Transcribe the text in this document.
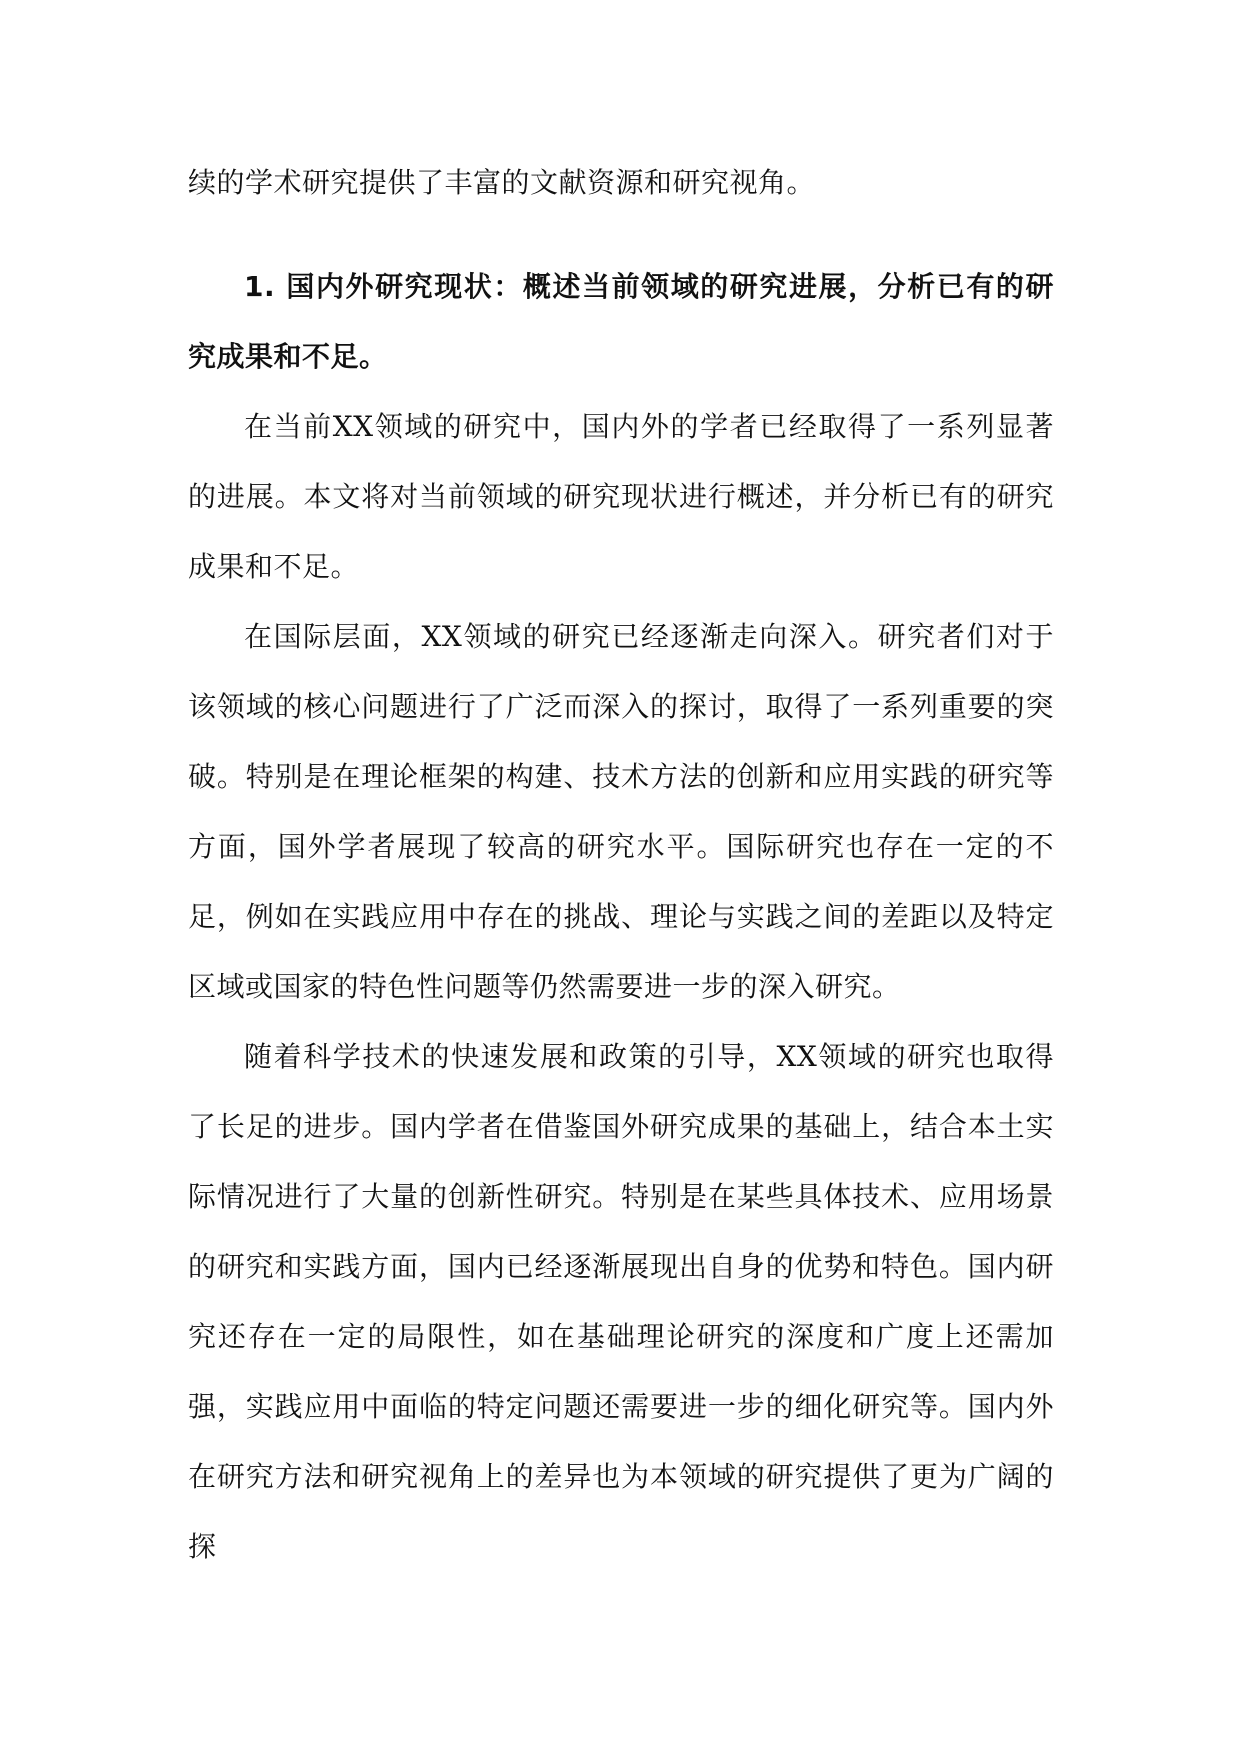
续的学术研究提供了丰富的文献资源和研究视角。

1. 国内外研究现状：概述当前领域的研究进展，分析已有的研究成果和不足。

在当前XX领域的研究中，国内外的学者已经取得了一系列显著的进展。本文将对当前领域的研究现状进行概述，并分析已有的研究成果和不足。

在国际层面，XX领域的研究已经逐渐走向深入。研究者们对于该领域的核心问题进行了广泛而深入的探讨，取得了一系列重要的突破。特别是在理论框架的构建、技术方法的创新和应用实践的研究等方面，国外学者展现了较高的研究水平。国际研究也存在一定的不足，例如在实践应用中存在的挑战、理论与实践之间的差距以及特定区域或国家的特色性问题等仍然需要进一步的深入研究。

随着科学技术的快速发展和政策的引导，XX领域的研究也取得了长足的进步。国内学者在借鉴国外研究成果的基础上，结合本土实际情况进行了大量的创新性研究。特别是在某些具体技术、应用场景的研究和实践方面，国内已经逐渐展现出自身的优势和特色。国内研究还存在一定的局限性，如在基础理论研究的深度和广度上还需加强，实践应用中面临的特定问题还需要进一步的细化研究等。国内外在研究方法和研究视角上的差异也为本领域的研究提供了更为广阔的探
